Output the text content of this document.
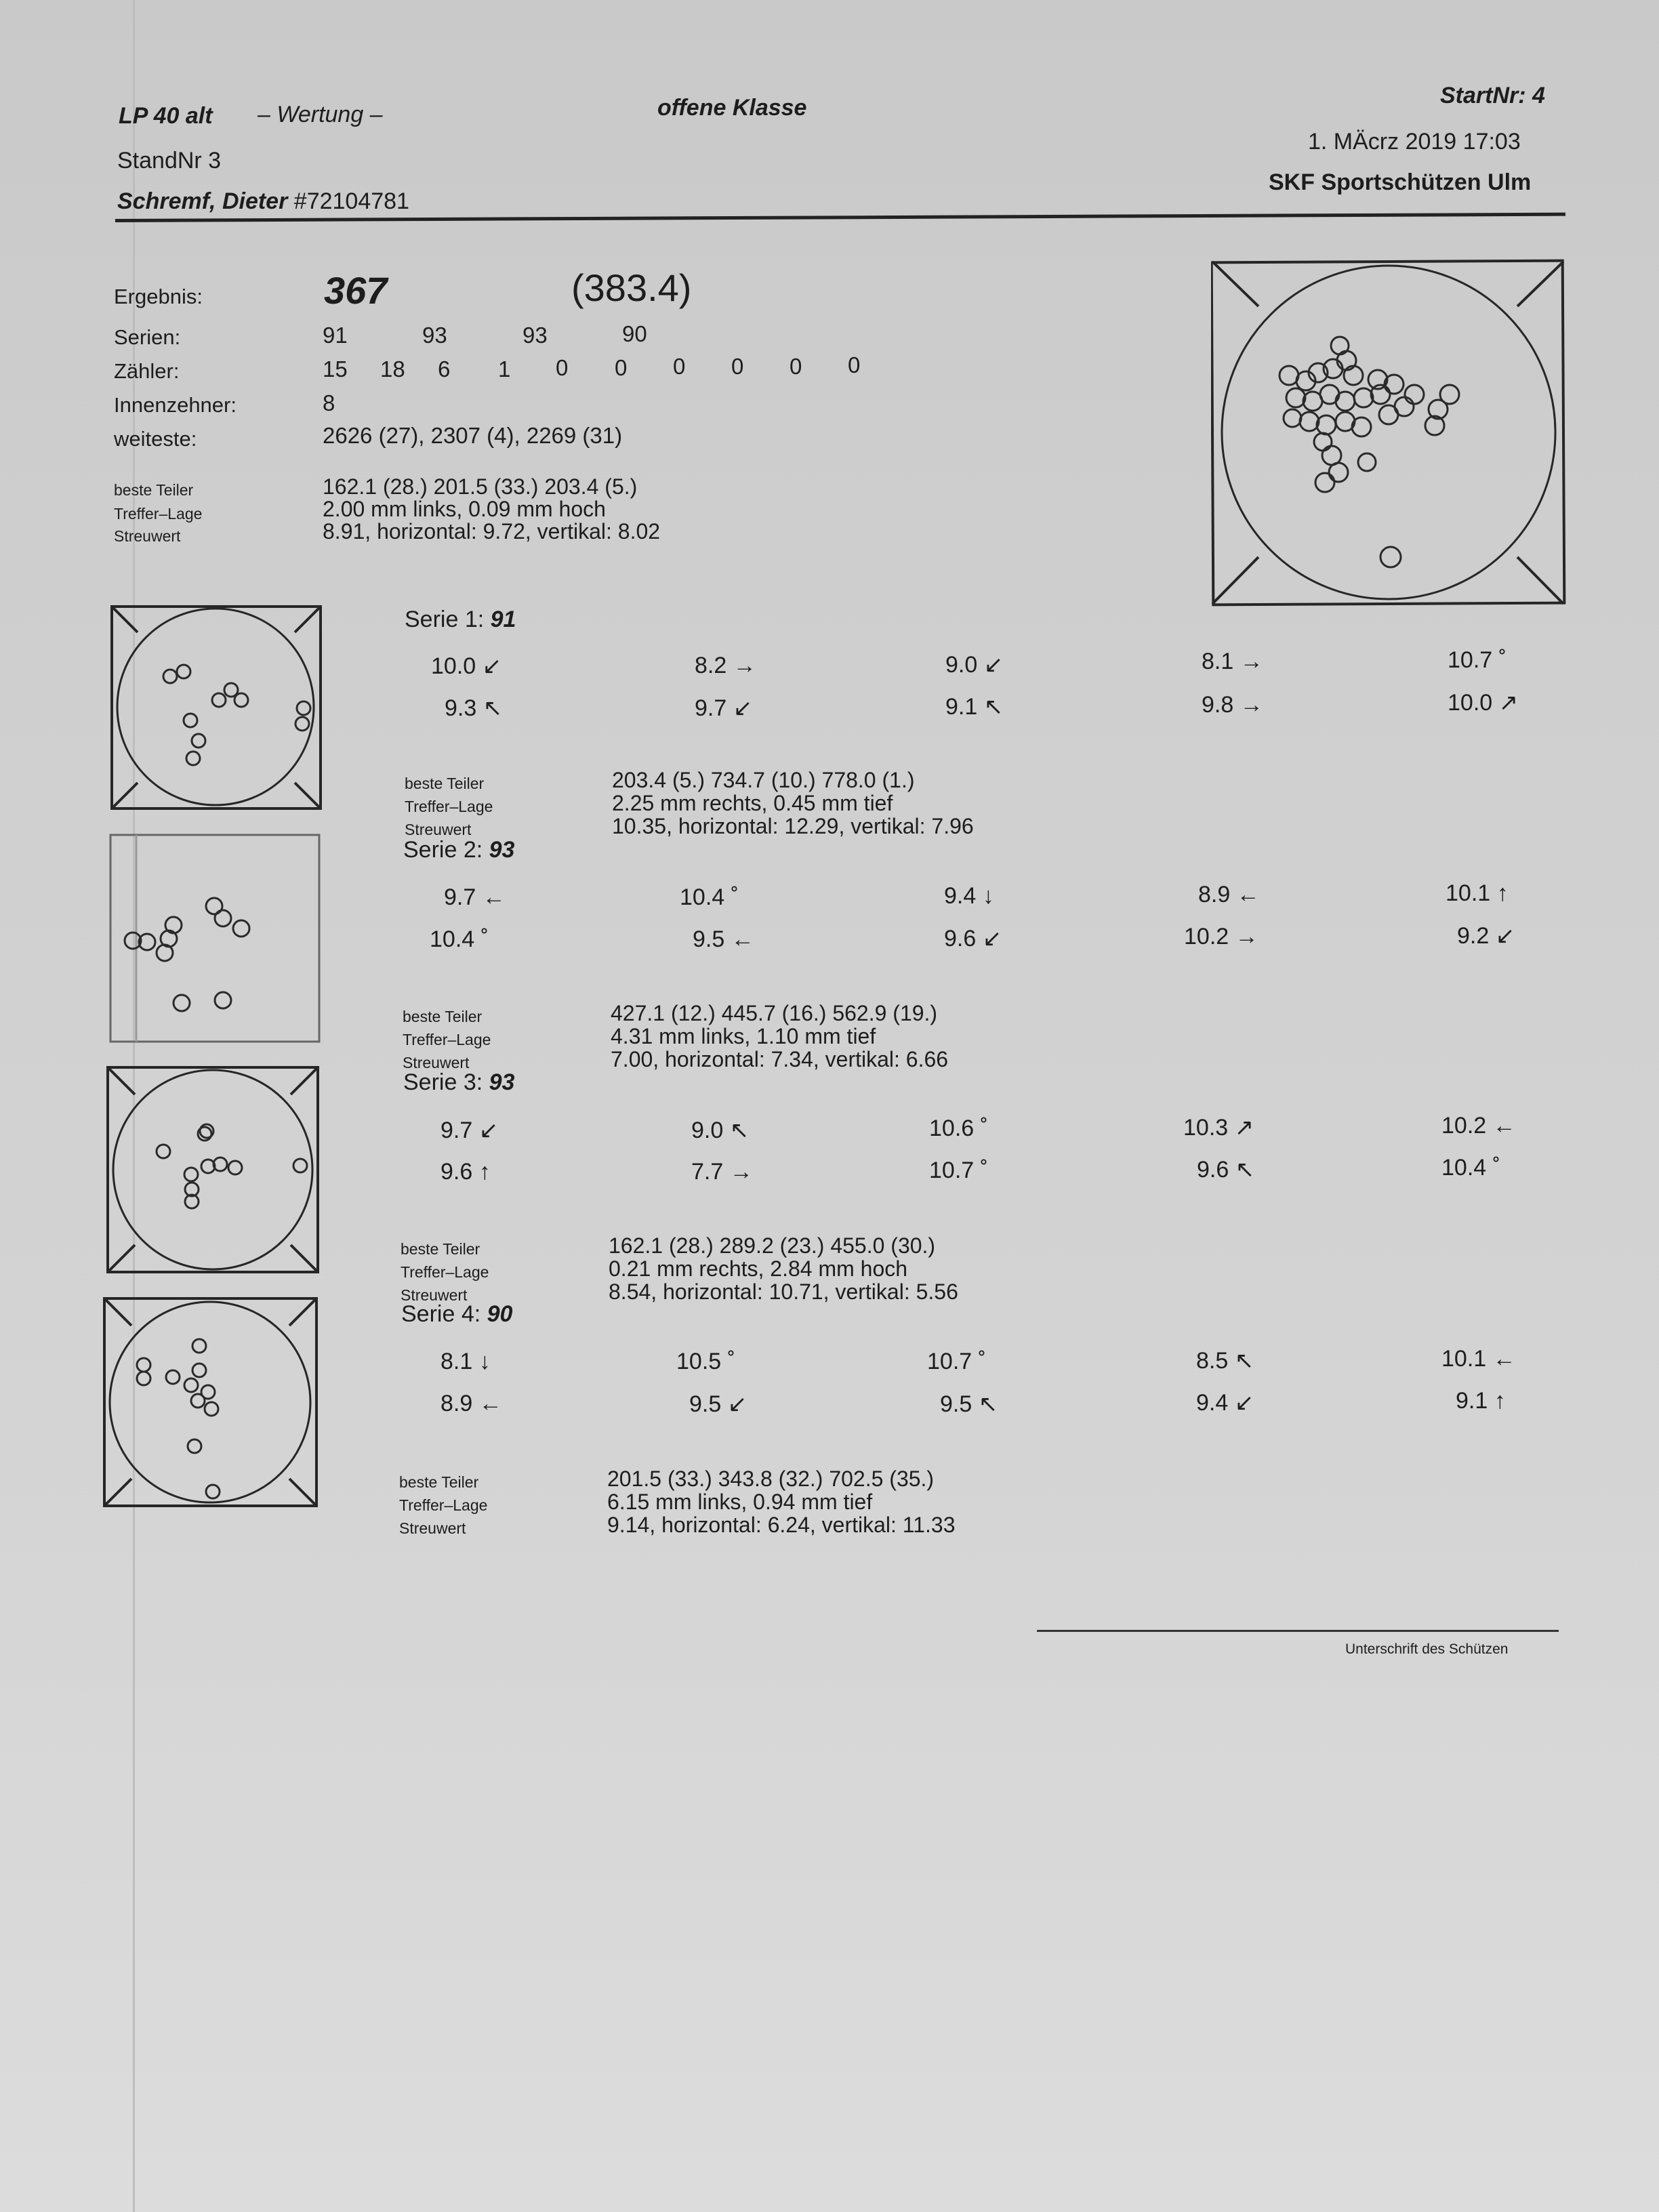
LP 40 alt – Wertung –	offene Klasse	StartNr: 4
StandNr 3
1. MÄcrz 2019 17:03
Schremf, Dieter #72104781
SKF Sportschützen Ulm
Ergebnis:	367	(383.4)
Serien:	91	93	93	90
Zähler:	15 18 6 1 0 0 0 0 0 0
Innenzehner:	8
weiteste:	2626 (27), 2307 (4), 2269 (31)
beste Teiler	162.1 (28.) 201.5 (33.) 203.4 (5.)
Treffer–Lage	2.00 mm links, 0.09 mm hoch
Streuwert	8.91, horizontal: 9.72, vertikal: 8.02
Serie 1: 91
10.0 ↙	8.2 →	9.0 ↙	8.1 →	10.7 ˚
9.3 ↖	9.7 ↙	9.1 ↖	9.8 →	10.0 ↗
beste Teiler	203.4 (5.) 734.7 (10.) 778.0 (1.)
Treffer–Lage	2.25 mm rechts, 0.45 mm tief
Streuwert	10.35, horizontal: 12.29, vertikal: 7.96
Serie 2: 93
9.7 ←	10.4 ˚	9.4 ↓	8.9 ←	10.1 ↑
10.4 ˚	9.5 ←	9.6 ↙	10.2 →	9.2 ↙
beste Teiler	427.1 (12.) 445.7 (16.) 562.9 (19.)
Treffer–Lage	4.31 mm links, 1.10 mm tief
Streuwert	7.00, horizontal: 7.34, vertikal: 6.66
Serie 3: 93
9.7 ↙	9.0 ↖	10.6 ˚	10.3 ↗	10.2 ←
9.6 ↑	7.7 →	10.7 ˚	9.6 ↖	10.4 ˚
beste Teiler	162.1 (28.) 289.2 (23.) 455.0 (30.)
Treffer–Lage	0.21 mm rechts, 2.84 mm hoch
Streuwert	8.54, horizontal: 10.71, vertikal: 5.56
Serie 4: 90
8.1 ↓	10.5 ˚	10.7 ˚	8.5 ↖	10.1 ←
8.9 ←	9.5 ↙	9.5 ↖	9.4 ↙	9.1 ↑
beste Teiler	201.5 (33.) 343.8 (32.) 702.5 (35.)
Treffer–Lage	6.15 mm links, 0.94 mm tief
Streuwert	9.14, horizontal: 6.24, vertikal: 11.33
Unterschrift des Schützen
